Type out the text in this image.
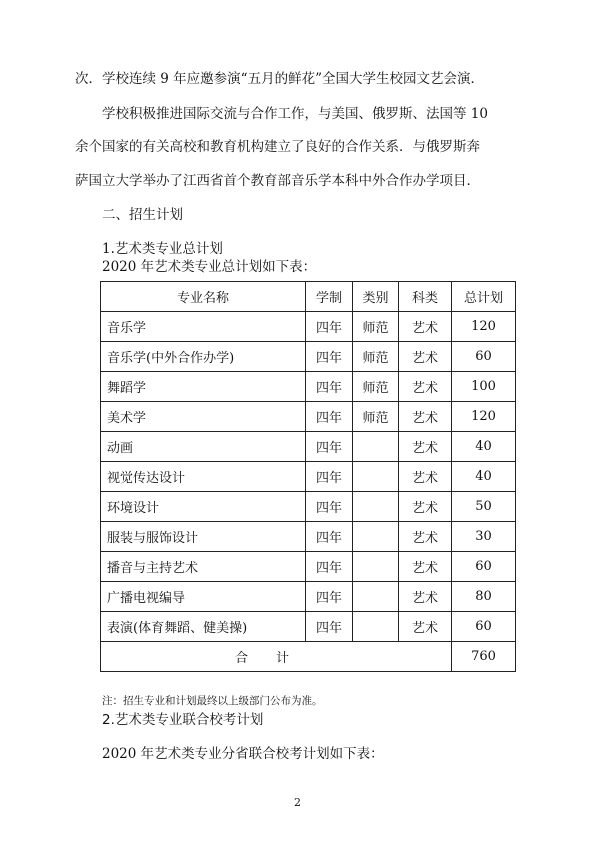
次．学校连续 9 年应邀参演“五月的鲜花”全国大学生校园文艺会演．
学校积极推进国际交流与合作工作，与美国、俄罗斯、法国等 10
余个国家的有关高校和教育机构建立了良好的合作关系．与俄罗斯奔
萨国立大学举办了江西省首个教育部音乐学本科中外合作办学项目．
二、招生计划
1.艺术类专业总计划
2020 年艺术类专业总计划如下表：
专业名称	学制	类别	科类	总计划
音乐学	四年	师范	艺术	120
音乐学(中外合作办学)	四年	师范	艺术	60
舞蹈学	四年	师范	艺术	100
美术学	四年	师范	艺术	120
动画	四年		艺术	40
视觉传达设计	四年		艺术	40
环境设计	四年		艺术	50
服装与服饰设计	四年		艺术	30
播音与主持艺术	四年		艺术	60
广播电视编导	四年		艺术	80
表演(体育舞蹈、健美操)	四年		艺术	60
合计				760
注：招生专业和计划最终以上级部门公布为准。
2.艺术类专业联合校考计划
2020 年艺术类专业分省联合校考计划如下表：
2
